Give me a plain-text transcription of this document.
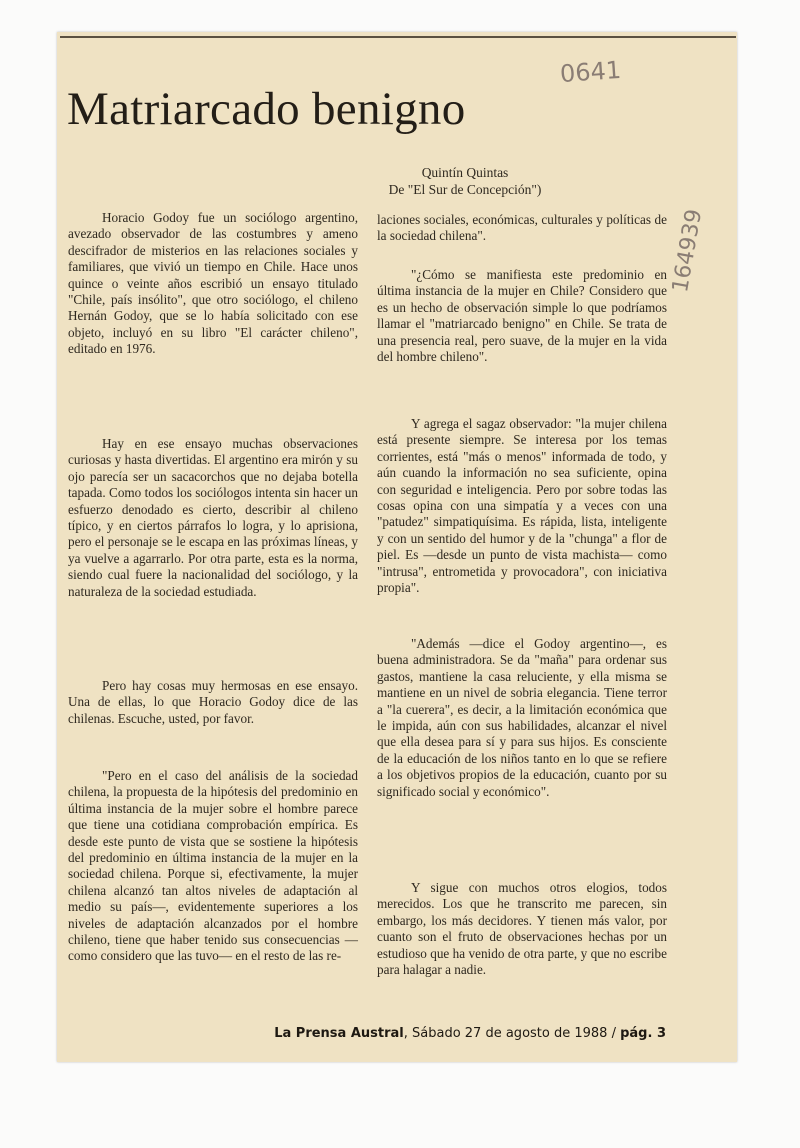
0641
164939
Matriarcado benigno
Quintín Quintas
De "El Sur de Concepción")

Horacio Godoy fue un sociólogo argentino, avezado observador de las costumbres y ameno descifrador de misterios en las relaciones sociales y familiares, que vivió un tiempo en Chile. Hace unos quince o veinte años escribió un ensayo titulado "Chile, país insólito", que otro sociólogo, el chileno Hernán Godoy, que se lo había solicitado con ese objeto, incluyó en su libro "El carácter chileno", editado en 1976.

Hay en ese ensayo muchas observaciones curiosas y hasta divertidas. El argentino era mirón y su ojo parecía ser un sacacorchos que no dejaba botella tapada. Como todos los sociólogos intenta sin hacer un esfuerzo denodado es cierto, describir al chileno típico, y en ciertos párrafos lo logra, y lo aprisiona, pero el personaje se le escapa en las próximas líneas, y ya vuelve a agarrarlo. Por otra parte, esta es la norma, siendo cual fuere la nacionalidad del sociólogo, y la naturaleza de la sociedad estudiada.

Pero hay cosas muy hermosas en ese ensayo. Una de ellas, lo que Horacio Godoy dice de las chilenas. Escuche, usted, por favor.

"Pero en el caso del análisis de la sociedad chilena, la propuesta de la hipótesis del predominio en última instancia de la mujer sobre el hombre parece que tiene una cotidiana comprobación empírica. Es desde este punto de vista que se sostiene la hipótesis del predominio en última instancia de la mujer en la sociedad chilena. Porque si, efectivamente, la mujer chilena alcanzó tan altos niveles de adaptación al medio su país—, evidentemente superiores a los niveles de adaptación alcanzados por el hombre chileno, tiene que haber tenido sus consecuencias —como considero que las tuvo— en el resto de las re-

laciones sociales, económicas, culturales y políticas de la sociedad chilena".

"¿Cómo se manifiesta este predominio en última instancia de la mujer en Chile? Considero que es un hecho de observación simple lo que podríamos llamar el "matriarcado benigno" en Chile. Se trata de una presencia real, pero suave, de la mujer en la vida del hombre chileno".

Y agrega el sagaz observador: "la mujer chilena está presente siempre. Se interesa por los temas corrientes, está "más o menos" informada de todo, y aún cuando la información no sea suficiente, opina con seguridad e inteligencia. Pero por sobre todas las cosas opina con una simpatía y a veces con una "patudez" simpatiquísima. Es rápida, lista, inteligente y con un sentido del humor y de la "chunga" a flor de piel. Es —desde un punto de vista machista— como "intrusa", entrometida y provocadora", con iniciativa propia".

"Además —dice el Godoy argentino—, es buena administradora. Se da "maña" para ordenar sus gastos, mantiene la casa reluciente, y ella misma se mantiene en un nivel de sobria elegancia. Tiene terror a "la cuerera", es decir, a la limitación económica que le impida, aún con sus habilidades, alcanzar el nivel que ella desea para sí y para sus hijos. Es consciente de la educación de los niños tanto en lo que se refiere a los objetivos propios de la educación, cuanto por su significado social y económico".

Y sigue con muchos otros elogios, todos merecidos. Los que he transcrito me parecen, sin embargo, los más decidores. Y tienen más valor, por cuanto son el fruto de observaciones hechas por un estudioso que ha venido de otra parte, y que no escribe para halagar a nadie.

La Prensa Austral, Sábado 27 de agosto de 1988 / pág. 3
